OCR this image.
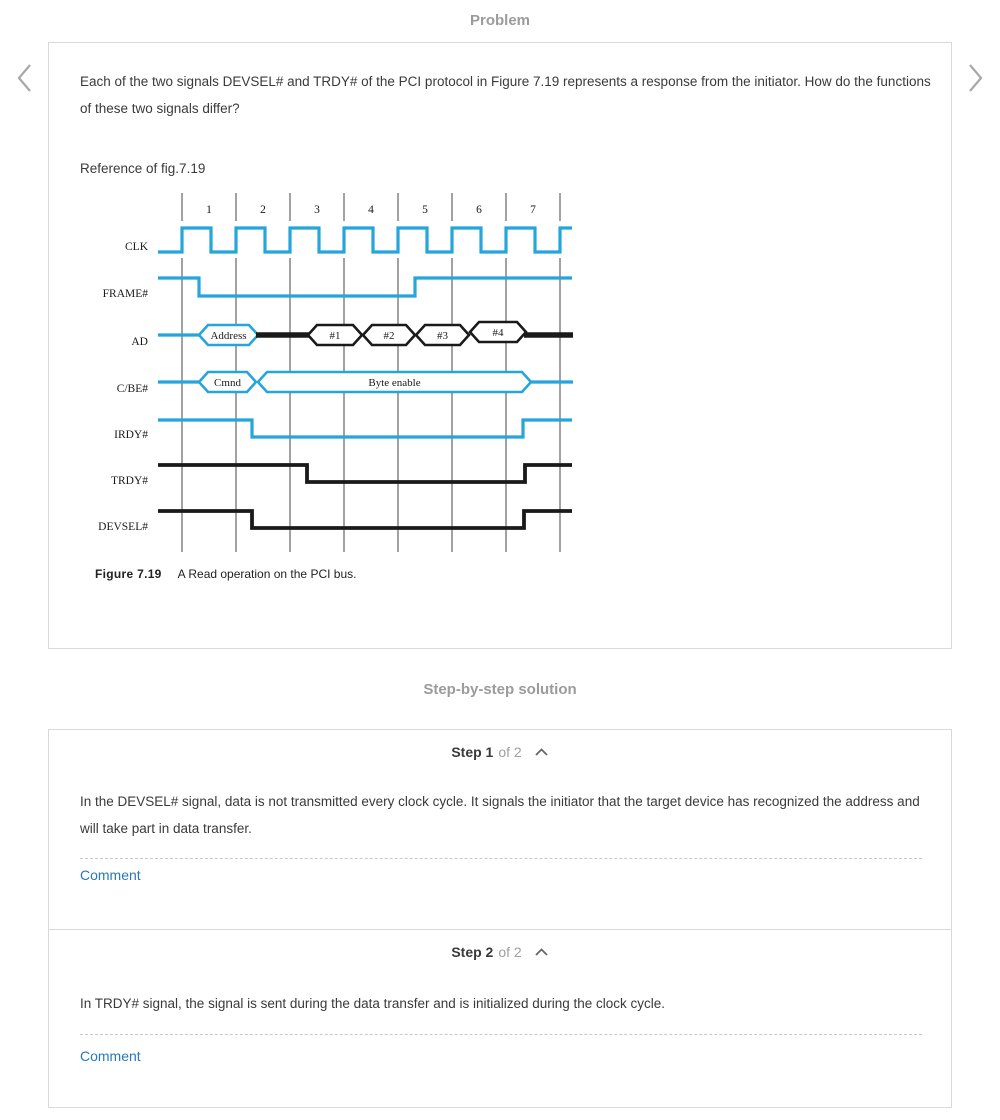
Problem

Each of the two signals DEVSEL# and TRDY# of the PCI protocol in Figure 7.19 represents a response from the initiator. How do the functions of these two signals differ?

Reference of fig.7.19

1	2	3	4	5	6	7
AD
C/BE#
FRAME#
IRDY#
TRDY#
DEVSEL#
CLK
Address	#1	#2	#3	#4
Cmnd	Byte enable
Figure 7.19 A Read operation on the PCI bus.
Step-by-step solution
Step 1 of 2

In the DEVSEL# signal, data is not transmitted every clock cycle. It signals the initiator that the target device has recognized the address and will take part in data transfer.

Comment
Step 2 of 2

In TRDY# signal, the signal is sent during the data transfer and is initialized during the clock cycle.

Comment
